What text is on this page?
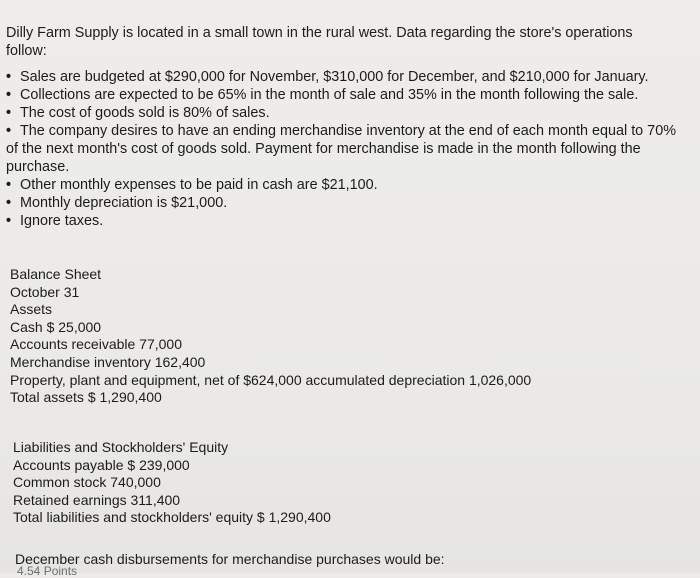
Dilly Farm Supply is located in a small town in the rural west. Data regarding the store's operations follow:
• Sales are budgeted at $290,000 for November, $310,000 for December, and $210,000 for January.
• Collections are expected to be 65% in the month of sale and 35% in the month following the sale.
• The cost of goods sold is 80% of sales.
• The company desires to have an ending merchandise inventory at the end of each month equal to 70% of the next month's cost of goods sold. Payment for merchandise is made in the month following the purchase.
• Other monthly expenses to be paid in cash are $21,100.
• Monthly depreciation is $21,000.
• Ignore taxes.
Balance Sheet
October 31
Assets
Cash $ 25,000
Accounts receivable 77,000
Merchandise inventory 162,400
Property, plant and equipment, net of $624,000 accumulated depreciation 1,026,000
Total assets $ 1,290,400
Liabilities and Stockholders' Equity
Accounts payable $ 239,000
Common stock 740,000
Retained earnings 311,400
Total liabilities and stockholders' equity $ 1,290,400
December cash disbursements for merchandise purchases would be:
4.54 Points
